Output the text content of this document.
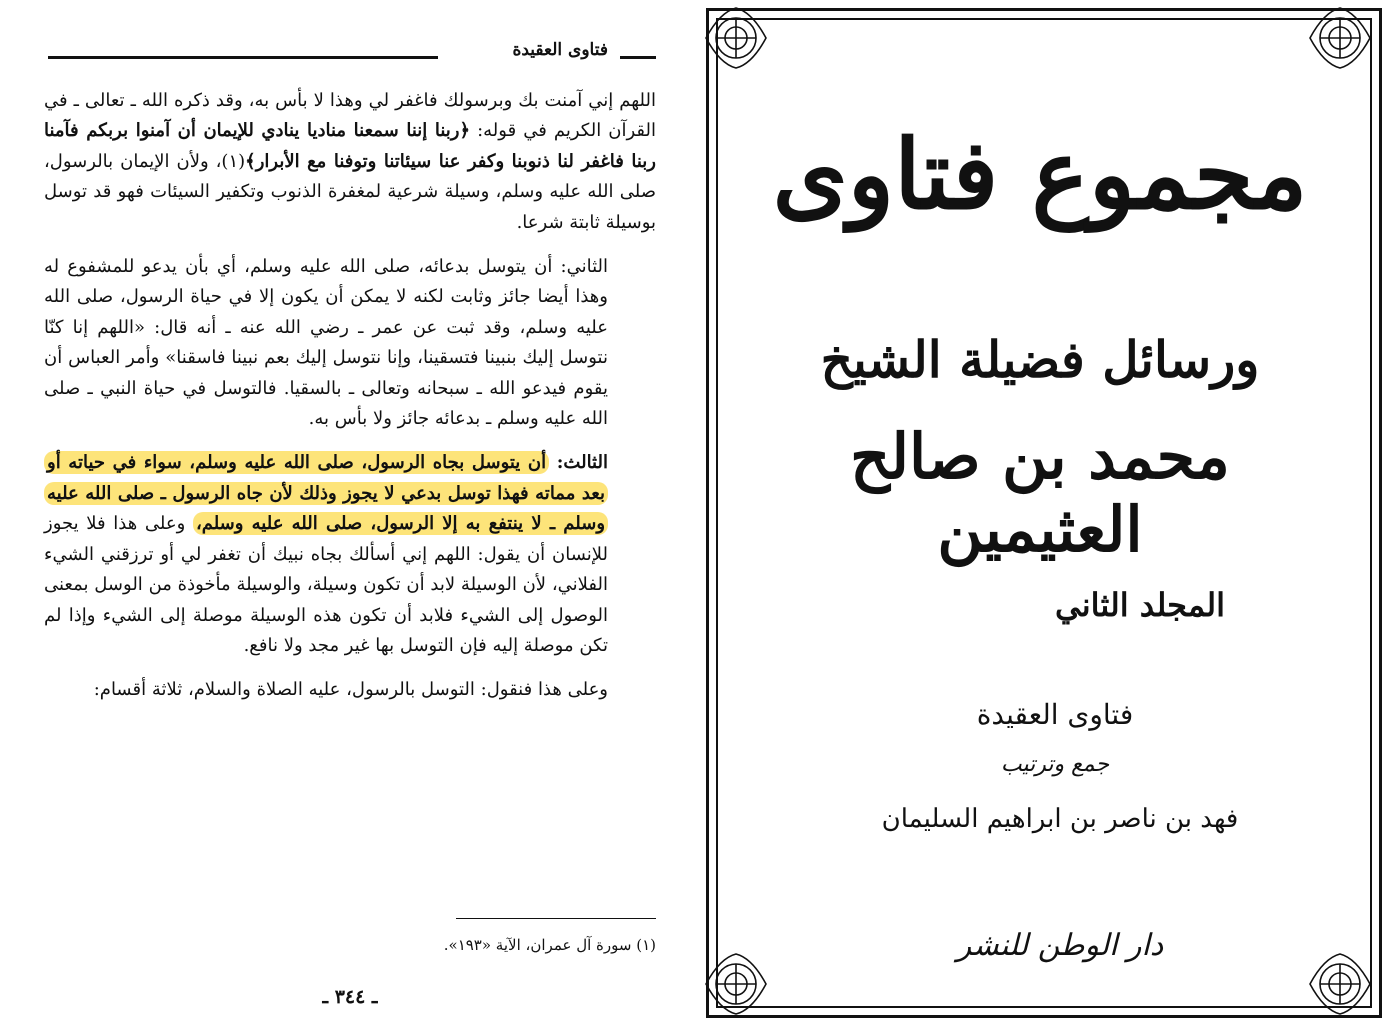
فتاوى العقيدة

اللهم إني آمنت بك وبرسولك فاغفر لي وهذا لا بأس به، وقد ذكره الله ـ تعالى ـ في القرآن الكريم في قوله: ﴿ربنا إننا سمعنا مناديا ينادي للإيمان أن آمنوا بربكم فآمنا ربنا فاغفر لنا ذنوبنا وكفر عنا سيئاتنا وتوفنا مع الأبرار﴾(١)، ولأن الإيمان بالرسول، صلى الله عليه وسلم، وسيلة شرعية لمغفرة الذنوب وتكفير السيئات فهو قد توسل بوسيلة ثابتة شرعا.

الثاني: أن يتوسل بدعائه، صلى الله عليه وسلم، أي بأن يدعو للمشفوع له وهذا أيضا جائز وثابت لكنه لا يمكن أن يكون إلا في حياة الرسول، صلى الله عليه وسلم، وقد ثبت عن عمر ـ رضي الله عنه ـ أنه قال: «اللهم إنا كنّا نتوسل إليك بنبينا فتسقينا، وإنا نتوسل إليك بعم نبينا فاسقنا» وأمر العباس أن يقوم فيدعو الله ـ سبحانه وتعالى ـ بالسقيا. فالتوسل في حياة النبي ـ صلى الله عليه وسلم ـ بدعائه جائز ولا بأس به.

الثالث: أن يتوسل بجاه الرسول، صلى الله عليه وسلم، سواء في حياته أو بعد مماته فهذا توسل بدعي لا يجوز وذلك لأن جاه الرسول ـ صلى الله عليه وسلم ـ لا ينتفع به إلا الرسول، صلى الله عليه وسلم، وعلى هذا فلا يجوز للإنسان أن يقول: اللهم إني أسألك بجاه نبيك أن تغفر لي أو ترزقني الشيء الفلاني، لأن الوسيلة لابد أن تكون وسيلة، والوسيلة مأخوذة من الوسل بمعنى الوصول إلى الشيء فلابد أن تكون هذه الوسيلة موصلة إلى الشيء وإذا لم تكن موصلة إليه فإن التوسل بها غير مجد ولا نافع.

وعلى هذا فنقول: التوسل بالرسول، عليه الصلاة والسلام، ثلاثة أقسام:

(١) سورة آل عمران، الآية «١٩٣».
ـ ٣٤٤ ـ
مجموع فتاوى
ورسائل فضيلة الشيخ
محمد بن صالح العثيمين
المجلد الثاني
فتاوى العقيدة
جمع وترتيب
فهد بن ناصر بن ابراهيم السليمان
دار الوطن للنشر
